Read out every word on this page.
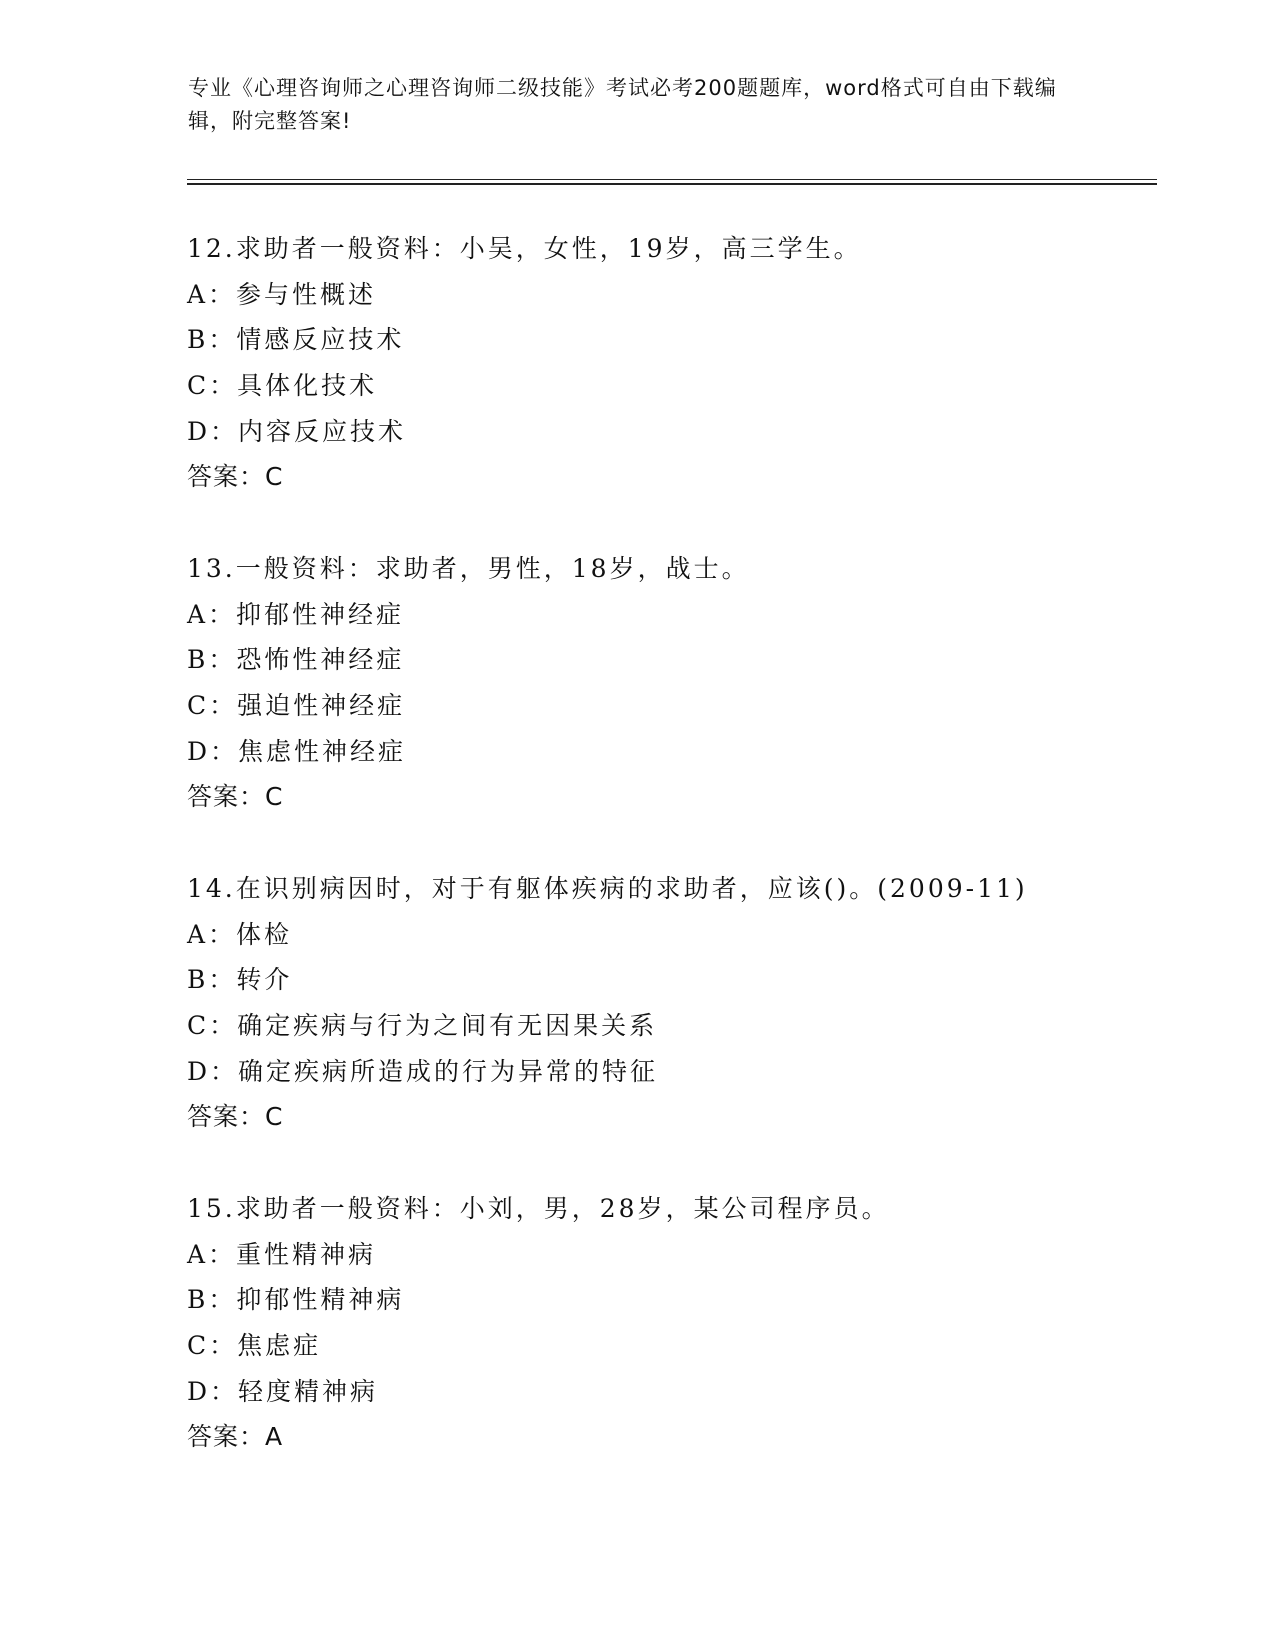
专业《心理咨询师之心理咨询师二级技能》考试必考200题题库，word格式可自由下载编辑，附完整答案!
12.求助者一般资料：小吴，女性，19岁，高三学生。
A：参与性概述
B：情感反应技术
C：具体化技术
D：内容反应技术
答案：C
13.一般资料：求助者，男性，18岁，战士。
A：抑郁性神经症
B：恐怖性神经症
C：强迫性神经症
D：焦虑性神经症
答案：C
14.在识别病因时，对于有躯体疾病的求助者，应该()。(2009-11)
A：体检
B：转介
C：确定疾病与行为之间有无因果关系
D：确定疾病所造成的行为异常的特征
答案：C
15.求助者一般资料：小刘，男，28岁，某公司程序员。
A：重性精神病
B：抑郁性精神病
C：焦虑症
D：轻度精神病
答案：A
